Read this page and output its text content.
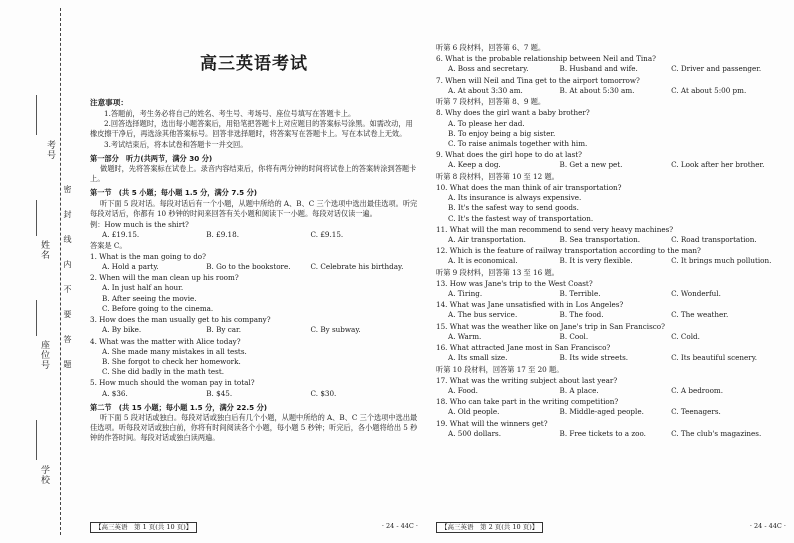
考号
姓名
座位号
学校
密
封
线
内
不
要
答
题
高三英语考试
注意事项：

1.答题前，考生务必将自己的姓名、考生号、考场号、座位号填写在答题卡上。

2.回答选择题时，选出每小题答案后，用铅笔把答题卡上对应题目的答案标号涂黑。如需改动，用橡皮擦干净后，再选涂其他答案标号。回答非选择题时，将答案写在答题卡上。写在本试卷上无效。

3.考试结束后，将本试卷和答题卡一并交回。

第一部分　听力(共两节，满分 30 分)
做题时，先将答案标在试卷上。录音内容结束后，你将有两分钟的时间将试卷上的答案转涂到答题卡上。
第一节　(共 5 小题；每小题 1.5 分，满分 7.5 分)
听下面 5 段对话。每段对话后有一个小题，从题中所给的 A、B、C 三个选项中选出最佳选项。听完每段对话后，你都有 10 秒钟的时间来回答有关小题和阅读下一小题。每段对话仅读一遍。
例：How much is the shirt?
A. £19.15.	B. £9.18.	C. £9.15.
答案是 C。
1. What is the man going to do?
A. Hold a party.	B. Go to the bookstore.	C. Celebrate his birthday.
2. When will the man clean up his room?
A. In just half an hour.
B. After seeing the movie.
C. Before going to the cinema.
3. How does the man usually get to his company?
A. By bike.	B. By car.	C. By subway.
4. What was the matter with Alice today?
A. She made many mistakes in all tests.
B. She forgot to check her homework.
C. She did badly in the math test.
5. How much should the woman pay in total?
A. $36.	B. $45.	C. $30.
第二节　(共 15 小题；每小题 1.5 分，满分 22.5 分)
听下面 5 段对话或独白。每段对话或独白后有几个小题，从题中所给的 A、B、C 三个选项中选出最佳选项。听每段对话或独白前，你将有时间阅读各个小题，每小题 5 秒钟；听完后，各小题将给出 5 秒钟的作答时间。每段对话或独白读两遍。
【高三英语　第 1 页(共 10 页)】	· 24 - 44C ·
听第 6 段材料，回答第 6、7 题。
6. What is the probable relationship between Neil and Tina?
A. Boss and secretary.	B. Husband and wife.	C. Driver and passenger.
7. When will Neil and Tina get to the airport tomorrow?
A. At about 3:30 am.	B. At about 5:30 am.	C. At about 5:00 pm.
听第 7 段材料，回答第 8、9 题。
8. Why does the girl want a baby brother?
A. To please her dad.
B. To enjoy being a big sister.
C. To raise animals together with him.
9. What does the girl hope to do at last?
A. Keep a dog.	B. Get a new pet.	C. Look after her brother.
听第 8 段材料，回答第 10 至 12 题。
10. What does the man think of air transportation?
A. Its insurance is always expensive.
B. It's the safest way to send goods.
C. It's the fastest way of transportation.
11. What will the man recommend to send very heavy machines?
A. Air transportation.	B. Sea transportation.	C. Road transportation.
12. Which is the feature of railway transportation according to the man?
A. It is economical.	B. It is very flexible.	C. It brings much pollution.
听第 9 段材料，回答第 13 至 16 题。
13. How was Jane's trip to the West Coast?
A. Tiring.	B. Terrible.	C. Wonderful.
14. What was Jane unsatisfied with in Los Angeles?
A. The bus service.	B. The food.	C. The weather.
15. What was the weather like on Jane's trip in San Francisco?
A. Warm.	B. Cool.	C. Cold.
16. What attracted Jane most in San Francisco?
A. Its small size.	B. Its wide streets.	C. Its beautiful scenery.
听第 10 段材料，回答第 17 至 20 题。
17. What was the writing subject about last year?
A. Food.	B. A place.	C. A bedroom.
18. Who can take part in the writing competition?
A. Old people.	B. Middle-aged people.	C. Teenagers.
19. What will the winners get?
A. 500 dollars.	B. Free tickets to a zoo.	C. The club's magazines.
【高三英语　第 2 页(共 10 页)】	· 24 - 44C ·
